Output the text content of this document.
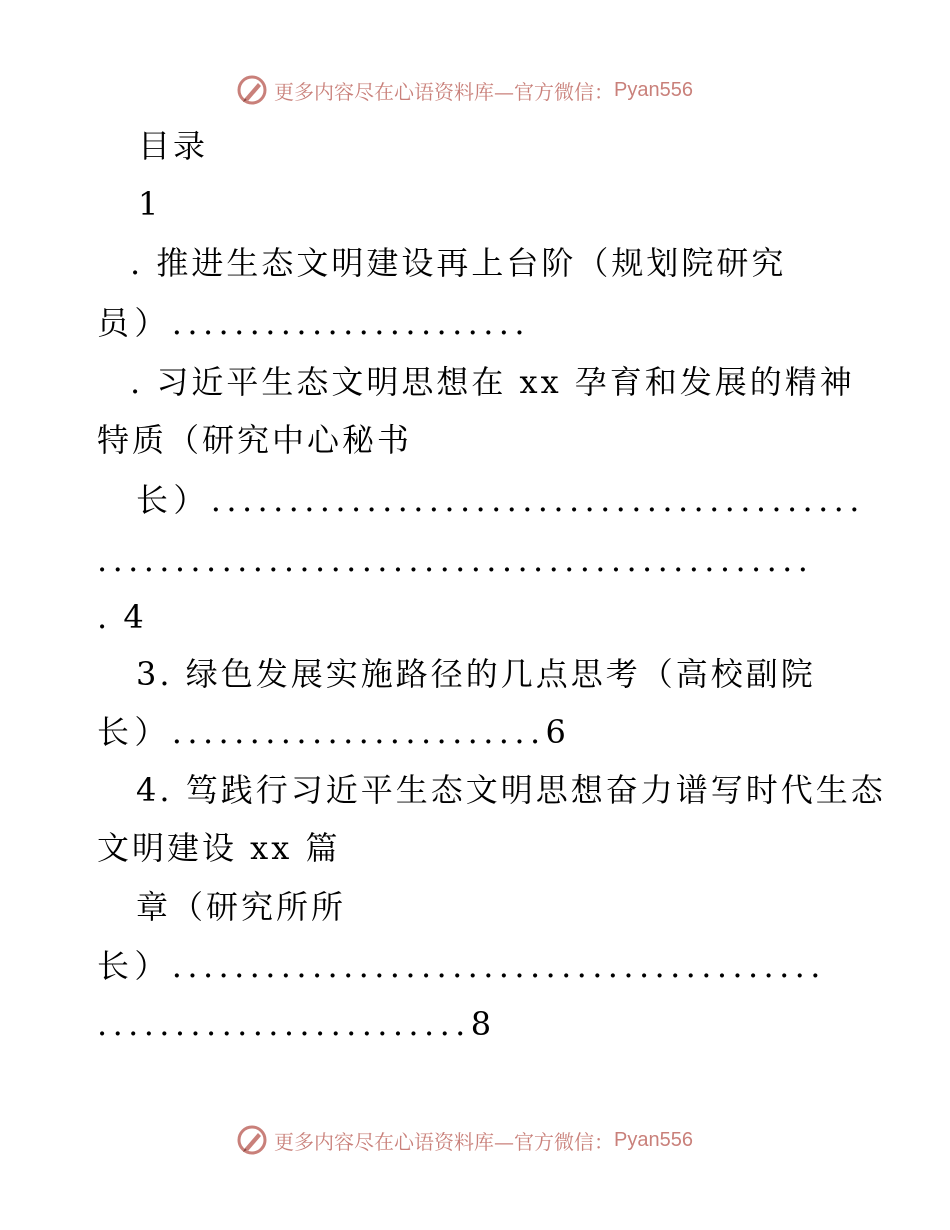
更多内容尽在心语资料库—官方微信： Pyan556
目录
1
. 推进生态文明建设再上台阶（规划院研究
员）.......................
. 习近平生态文明思想在 xx 孕育和发展的精神
特质（研究中心秘书
长）..........................................
..............................................
. 4
3. 绿色发展实施路径的几点思考（高校副院
长）........................6
4. 笃践行习近平生态文明思想奋力谱写时代生态
文明建设 xx 篇
章（研究所所
长）..........................................
........................8
更多内容尽在心语资料库—官方微信： Pyan556
